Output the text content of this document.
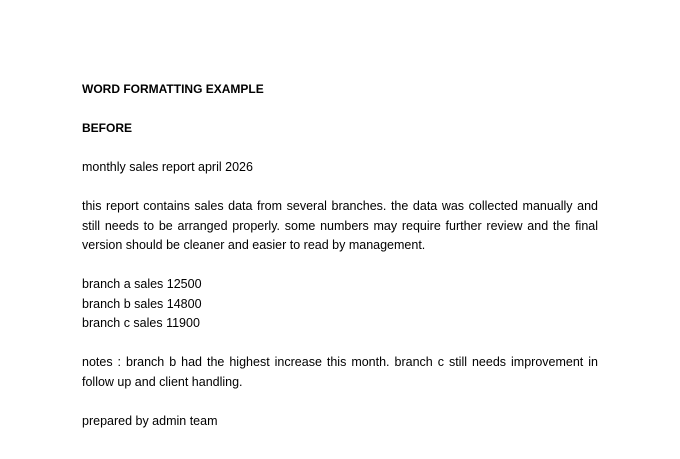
WORD FORMATTING EXAMPLE

BEFORE

monthly sales report april 2026

this report contains sales data from several branches. the data was collected manually and still needs to be arranged properly. some numbers may require further review and the final version should be cleaner and easier to read by management.

branch a sales 12500
branch b sales 14800
branch c sales 11900

notes : branch b had the highest increase this month. branch c still needs improvement in follow up and client handling.

prepared by admin team
